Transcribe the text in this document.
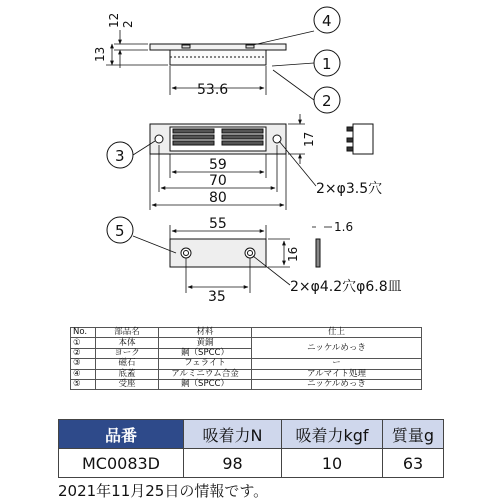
13
12 2
53.6
17
59
70
80
2×φ3.5穴
55
35
16
1.6
2×φ4.2穴φ6.8皿
4
1
2
3
5
No.	部品名	材料	仕上
①	本体	黄銅	ニッケルめっき
②	ヨーク	鋼（SPCC）	
③	磁石	フェライト	ー
④	底蓋	アルミニウム合金	アルマイト処理
⑤	受座	鋼（SPCC）	ニッケルめっき
品番	吸着力N	吸着力kgf	質量g
MC0083D	98	10	63
2021年11月25日の情報です。
